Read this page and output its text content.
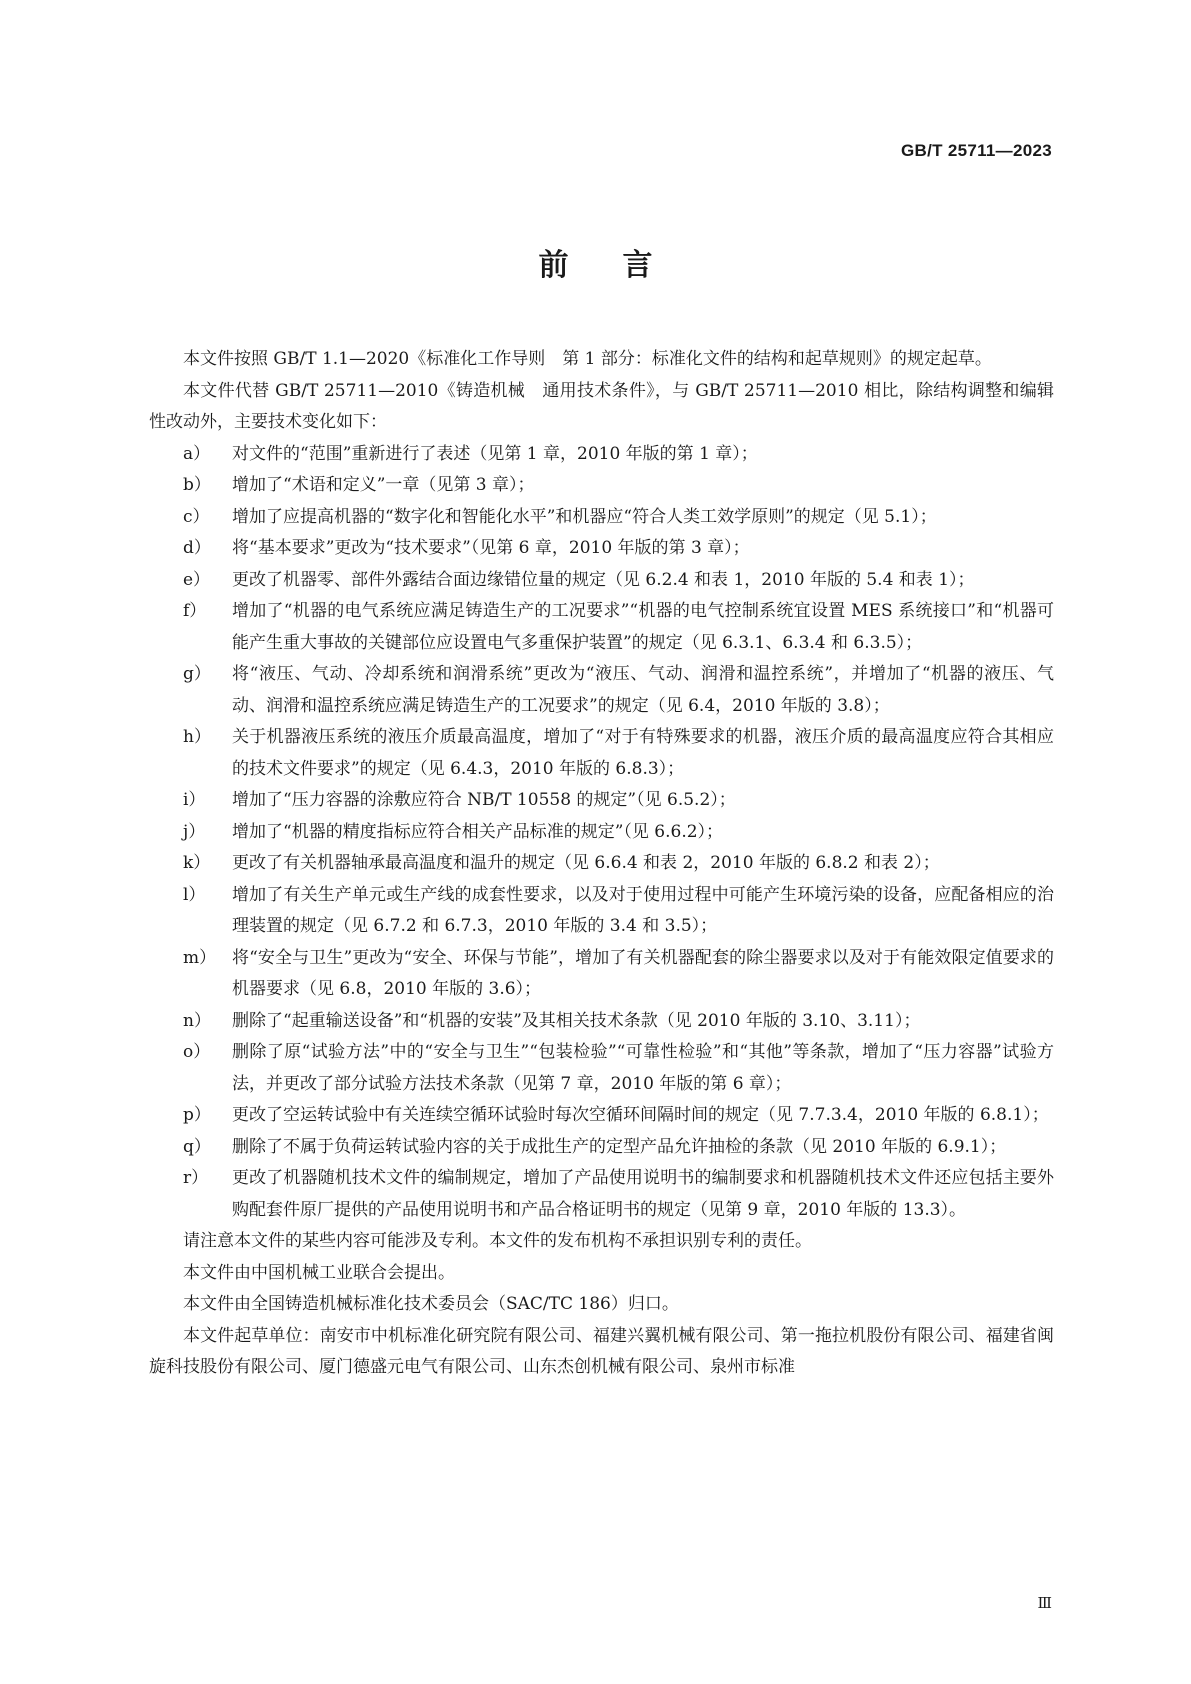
GB/T 25711—2023
前言

本文件按照 GB/T 1.1—2020《标准化工作导则　第 1 部分：标准化文件的结构和起草规则》的规定起草。

本文件代替 GB/T 25711—2010《铸造机械　通用技术条件》，与 GB/T 25711—2010 相比，除结构调整和编辑性改动外，主要技术变化如下：

a） 对文件的“范围”重新进行了表述（见第 1 章，2010 年版的第 1 章）；
b） 增加了“术语和定义”一章（见第 3 章）；
c） 增加了应提高机器的“数字化和智能化水平”和机器应“符合人类工效学原则”的规定（见 5.1）；
d） 将“基本要求”更改为“技术要求”（见第 6 章，2010 年版的第 3 章）；
e） 更改了机器零、部件外露结合面边缘错位量的规定（见 6.2.4 和表 1，2010 年版的 5.4 和表 1）；
f） 增加了“机器的电气系统应满足铸造生产的工况要求”“机器的电气控制系统宜设置 MES 系统接口”和“机器可能产生重大事故的关键部位应设置电气多重保护装置”的规定（见 6.3.1、6.3.4 和 6.3.5）；
g） 将“液压、气动、冷却系统和润滑系统”更改为“液压、气动、润滑和温控系统”，并增加了“机器的液压、气动、润滑和温控系统应满足铸造生产的工况要求”的规定（见 6.4，2010 年版的 3.8）；
h） 关于机器液压系统的液压介质最高温度，增加了“对于有特殊要求的机器，液压介质的最高温度应符合其相应的技术文件要求”的规定（见 6.4.3，2010 年版的 6.8.3）；
i） 增加了“压力容器的涂敷应符合 NB/T 10558 的规定”（见 6.5.2）；
j） 增加了“机器的精度指标应符合相关产品标准的规定”（见 6.6.2）；
k） 更改了有关机器轴承最高温度和温升的规定（见 6.6.4 和表 2，2010 年版的 6.8.2 和表 2）；
l） 增加了有关生产单元或生产线的成套性要求，以及对于使用过程中可能产生环境污染的设备，应配备相应的治理装置的规定（见 6.7.2 和 6.7.3，2010 年版的 3.4 和 3.5）；
m） 将“安全与卫生”更改为“安全、环保与节能”，增加了有关机器配套的除尘器要求以及对于有能效限定值要求的机器要求（见 6.8，2010 年版的 3.6）；
n） 删除了“起重输送设备”和“机器的安装”及其相关技术条款（见 2010 年版的 3.10、3.11）；
o） 删除了原“试验方法”中的“安全与卫生”“包装检验”“可靠性检验”和“其他”等条款，增加了“压力容器”试验方法，并更改了部分试验方法技术条款（见第 7 章，2010 年版的第 6 章）；
p） 更改了空运转试验中有关连续空循环试验时每次空循环间隔时间的规定（见 7.7.3.4，2010 年版的 6.8.1）；
q） 删除了不属于负荷运转试验内容的关于成批生产的定型产品允许抽检的条款（见 2010 年版的 6.9.1）；
r） 更改了机器随机技术文件的编制规定，增加了产品使用说明书的编制要求和机器随机技术文件还应包括主要外购配套件原厂提供的产品使用说明书和产品合格证明书的规定（见第 9 章，2010 年版的 13.3）。

请注意本文件的某些内容可能涉及专利。本文件的发布机构不承担识别专利的责任。

本文件由中国机械工业联合会提出。

本文件由全国铸造机械标准化技术委员会（SAC/TC 186）归口。

本文件起草单位：南安市中机标准化研究院有限公司、福建兴翼机械有限公司、第一拖拉机股份有限公司、福建省闽旋科技股份有限公司、厦门德盛元电气有限公司、山东杰创机械有限公司、泉州市标准

Ⅲ
